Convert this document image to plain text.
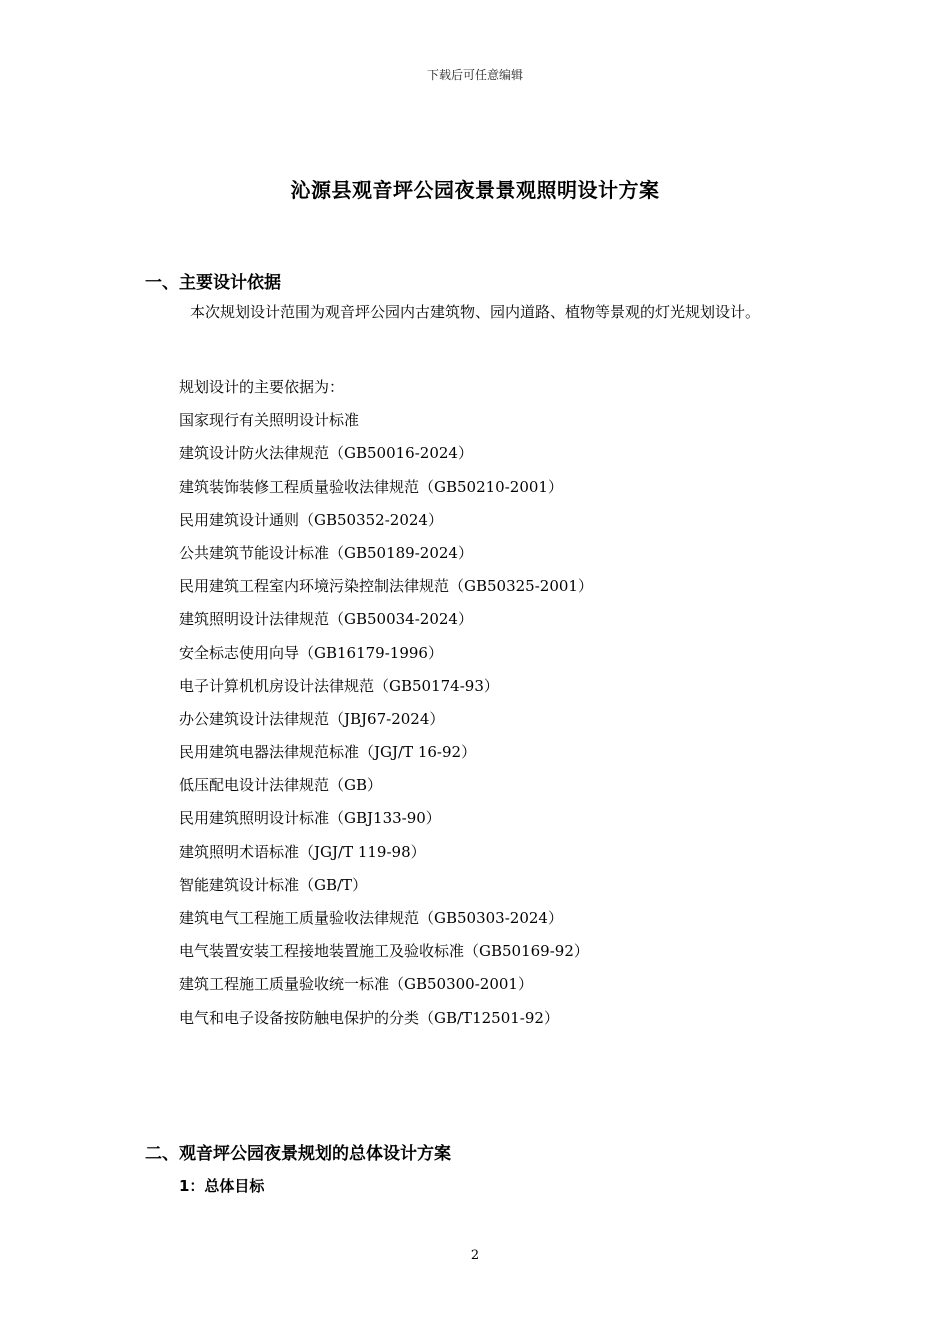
下载后可任意编辑
沁源县观音坪公园夜景景观照明设计方案
一、主要设计依据
本次规划设计范围为观音坪公园内古建筑物、园内道路、植物等景观的灯光规划设计。
规划设计的主要依据为：
国家现行有关照明设计标准
建筑设计防火法律规范（GB50016-2024）
建筑装饰装修工程质量验收法律规范（GB50210-2001）
民用建筑设计通则（GB50352-2024）
公共建筑节能设计标准（GB50189-2024）
民用建筑工程室内环境污染控制法律规范（GB50325-2001）
建筑照明设计法律规范（GB50034-2024）
安全标志使用向导（GB16179-1996）
电子计算机机房设计法律规范（GB50174-93）
办公建筑设计法律规范（JBJ67-2024）
民用建筑电器法律规范标准（JGJ/T 16-92）
低压配电设计法律规范（GB）
民用建筑照明设计标准（GBJ133-90）
建筑照明术语标准（JGJ/T 119-98）
智能建筑设计标准（GB/T）
建筑电气工程施工质量验收法律规范（GB50303-2024）
电气装置安装工程接地装置施工及验收标准（GB50169-92）
建筑工程施工质量验收统一标准（GB50300-2001）
电气和电子设备按防触电保护的分类（GB/T12501-92）
二、观音坪公园夜景规划的总体设计方案
1：总体目标
2
